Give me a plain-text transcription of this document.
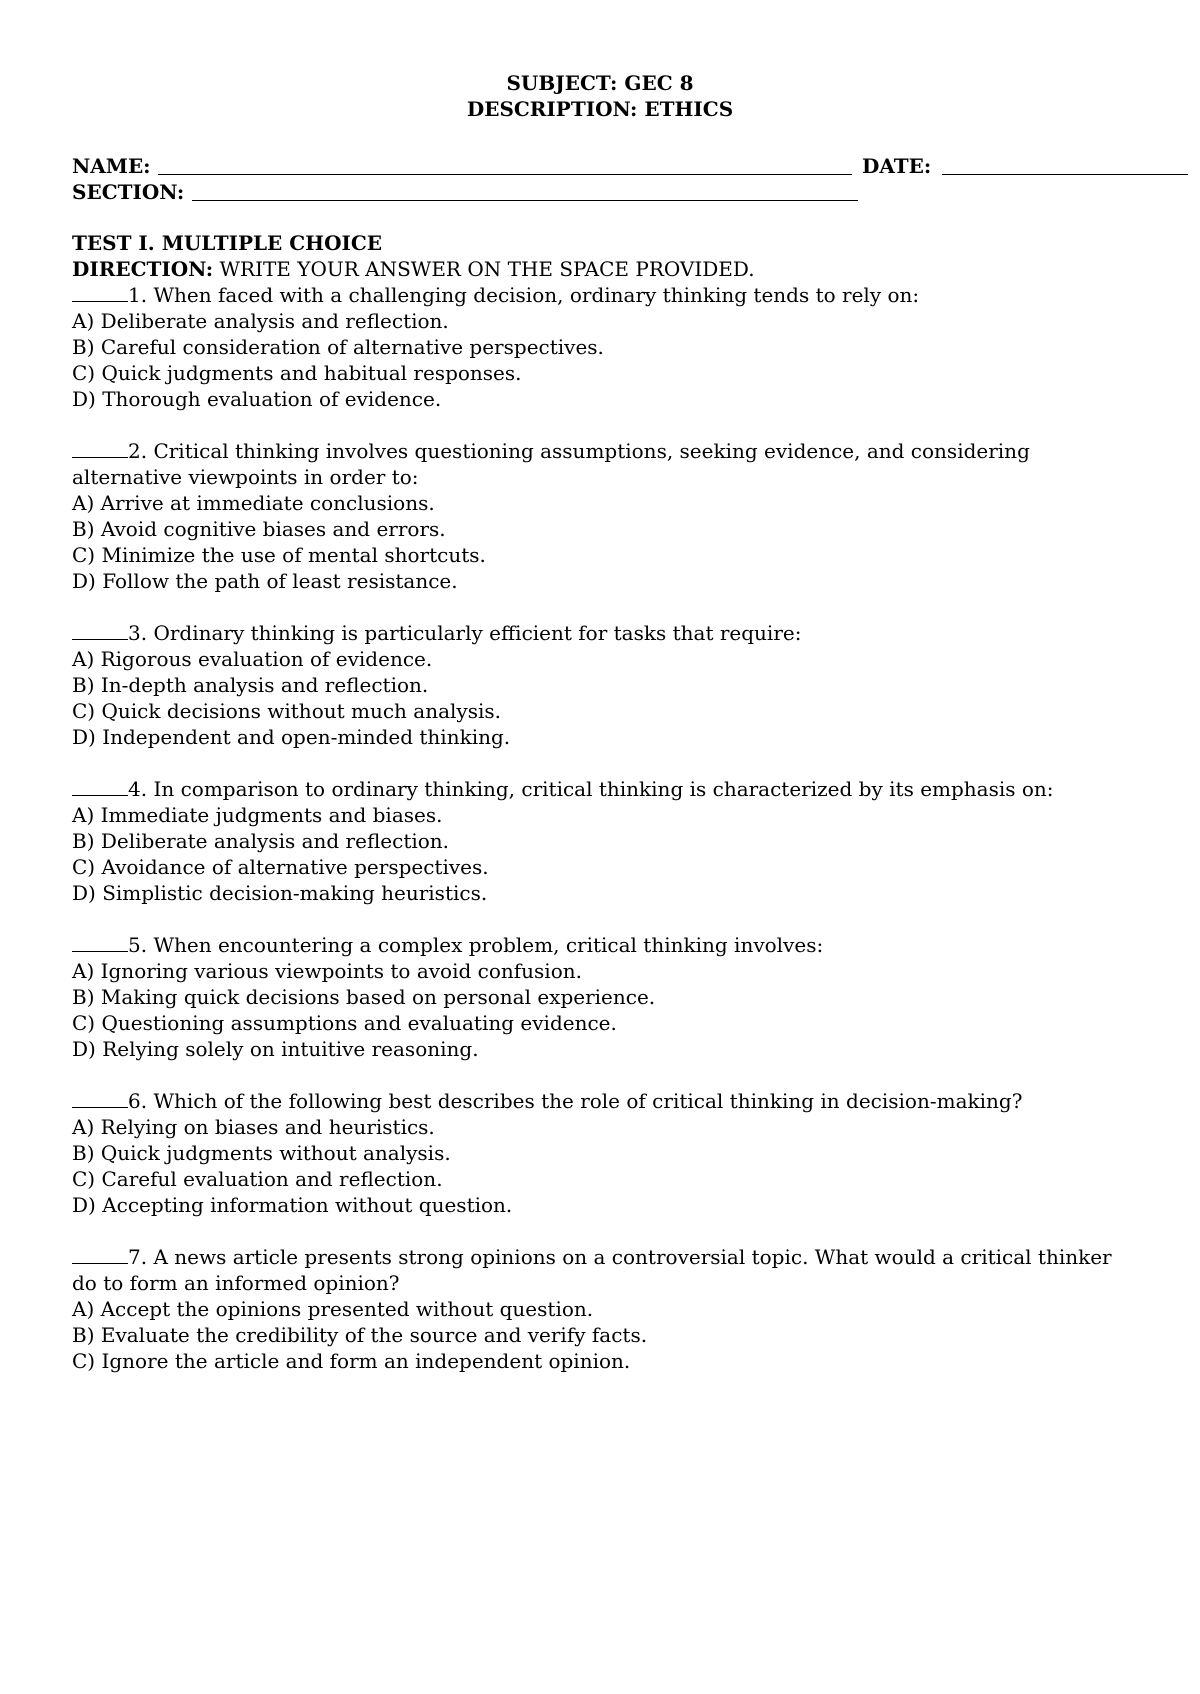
SUBJECT: GEC 8
DESCRIPTION: ETHICS
NAME:	DATE:
SECTION:
TEST I. MULTIPLE CHOICE
DIRECTION: WRITE YOUR ANSWER ON THE SPACE PROVIDED.
1. When faced with a challenging decision, ordinary thinking tends to rely on:
A) Deliberate analysis and reflection.
B) Careful consideration of alternative perspectives.
C) Quick judgments and habitual responses.
D) Thorough evaluation of evidence.
2. Critical thinking involves questioning assumptions, seeking evidence, and considering alternative viewpoints in order to:
A) Arrive at immediate conclusions.
B) Avoid cognitive biases and errors.
C) Minimize the use of mental shortcuts.
D) Follow the path of least resistance.
3. Ordinary thinking is particularly efficient for tasks that require:
A) Rigorous evaluation of evidence.
B) In-depth analysis and reflection.
C) Quick decisions without much analysis.
D) Independent and open-minded thinking.
4. In comparison to ordinary thinking, critical thinking is characterized by its emphasis on:
A) Immediate judgments and biases.
B) Deliberate analysis and reflection.
C) Avoidance of alternative perspectives.
D) Simplistic decision-making heuristics.
5. When encountering a complex problem, critical thinking involves:
A) Ignoring various viewpoints to avoid confusion.
B) Making quick decisions based on personal experience.
C) Questioning assumptions and evaluating evidence.
D) Relying solely on intuitive reasoning.
6. Which of the following best describes the role of critical thinking in decision-making?
A) Relying on biases and heuristics.
B) Quick judgments without analysis.
C) Careful evaluation and reflection.
D) Accepting information without question.
7. A news article presents strong opinions on a controversial topic. What would a critical thinker do to form an informed opinion?
A) Accept the opinions presented without question.
B) Evaluate the credibility of the source and verify facts.
C) Ignore the article and form an independent opinion.
